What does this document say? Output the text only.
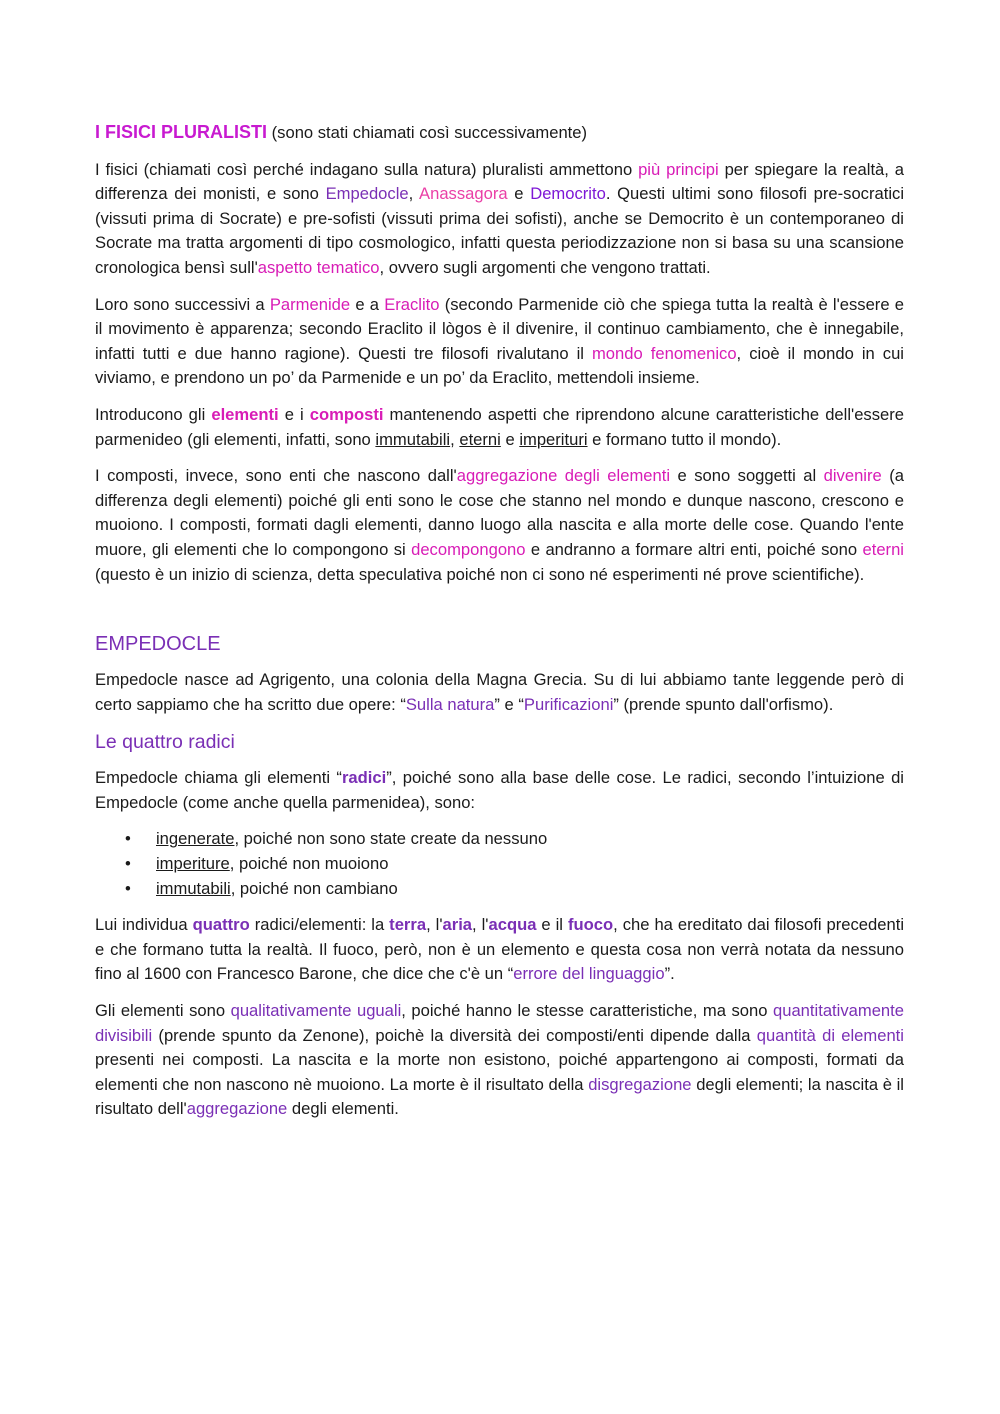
I FISICI PLURALISTI (sono stati chiamati così successivamente)

I fisici (chiamati così perché indagano sulla natura) pluralisti ammettono più principi per spiegare la realtà, a differenza dei monisti, e sono Empedocle, Anassagora e Democrito. Questi ultimi sono filosofi pre-socratici (vissuti prima di Socrate) e pre-sofisti (vissuti prima dei sofisti), anche se Democrito è un contemporaneo di Socrate ma tratta argomenti di tipo cosmologico, infatti questa periodizzazione non si basa su una scansione cronologica bensì sull'aspetto tematico, ovvero sugli argomenti che vengono trattati.

Loro sono successivi a Parmenide e a Eraclito (secondo Parmenide ciò che spiega tutta la realtà è l'essere e il movimento è apparenza; secondo Eraclito il lògos è il divenire, il continuo cambiamento, che è innegabile, infatti tutti e due hanno ragione). Questi tre filosofi rivalutano il mondo fenomenico, cioè il mondo in cui viviamo, e prendono un po’ da Parmenide e un po’ da Eraclito, mettendoli insieme.

Introducono gli elementi e i composti mantenendo aspetti che riprendono alcune caratteristiche dell'essere parmenideo (gli elementi, infatti, sono immutabili, eterni e imperituri e formano tutto il mondo).

I composti, invece, sono enti che nascono dall'aggregazione degli elementi e sono soggetti al divenire (a differenza degli elementi) poiché gli enti sono le cose che stanno nel mondo e dunque nascono, crescono e muoiono. I composti, formati dagli elementi, danno luogo alla nascita e alla morte delle cose. Quando l'ente muore, gli elementi che lo compongono si decompongono e andranno a formare altri enti, poiché sono eterni (questo è un inizio di scienza, detta speculativa poiché non ci sono né esperimenti né prove scientifiche).

EMPEDOCLE

Empedocle nasce ad Agrigento, una colonia della Magna Grecia. Su di lui abbiamo tante leggende però di certo sappiamo che ha scritto due opere: “Sulla natura” e “Purificazioni” (prende spunto dall'orfismo).

Le quattro radici

Empedocle chiama gli elementi “radici”, poiché sono alla base delle cose. Le radici, secondo l’intuizione di Empedocle (come anche quella parmenidea), sono:

• ingenerate, poiché non sono state create da nessuno
• imperiture, poiché non muoiono
• immutabili, poiché non cambiano

Lui individua quattro radici/elementi: la terra, l'aria, l'acqua e il fuoco, che ha ereditato dai filosofi precedenti e che formano tutta la realtà. Il fuoco, però, non è un elemento e questa cosa non verrà notata da nessuno fino al 1600 con Francesco Barone, che dice che c'è un “errore del linguaggio”.

Gli elementi sono qualitativamente uguali, poiché hanno le stesse caratteristiche, ma sono quantitativamente divisibili (prende spunto da Zenone), poichè la diversità dei composti/enti dipende dalla quantità di elementi presenti nei composti. La nascita e la morte non esistono, poiché appartengono ai composti, formati da elementi che non nascono nè muoiono. La morte è il risultato della disgregazione degli elementi; la nascita è il risultato dell'aggregazione degli elementi.
